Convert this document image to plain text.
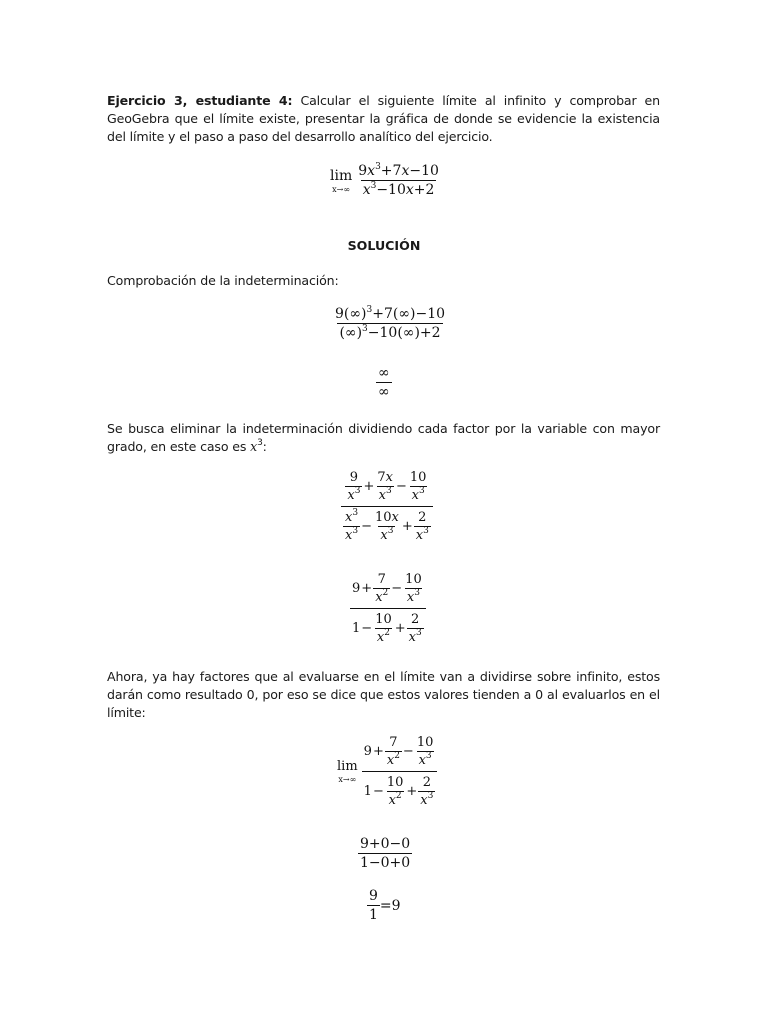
Ejercicio 3, estudiante 4: Calcular el siguiente límite al infinito y comprobar en GeoGebra que el límite existe, presentar la gráfica de donde se evidencie la existencia del límite y el paso a paso del desarrollo analítico del ejercicio.
lim
$x\to\infty \frac{9x^3+7x-10}{x^3-10x+2}$
SOLUCIÓN
Comprobación de la indeterminación:
$\frac{9(\infty)^3+7(\infty)-10}{(\infty)^3-10(\infty)+2}$
$\frac{\infty}{\infty}$
Se busca eliminar la indeterminación dividiendo cada factor por la variable con mayor grado, en este caso es $x^3$:
$\frac{\frac{9}{x^3} + \frac{7x}{x^3} - \frac{10}{x^3}}{\frac{x^3}{x^3} - \frac{10x}{x^3} + \frac{2}{x^3}}$
$\frac{9 + \frac{7}{x^2} - \frac{10}{x^3}}{1 - \frac{10}{x^2} + \frac{2}{x^3}}$
Ahora, ya hay factores que al evaluarse en el límite van a dividirse sobre infinito, estos darán como resultado 0, por eso se dice que estos valores tienden a 0 al evaluarlos en el límite:
lim
$x\to\infty \frac{9 + \frac{7}{x^2} - \frac{10}{x^3}}{1 - \frac{10}{x^2} + \frac{2}{x^3}}$
$\frac{9+0-0}{1-0+0}$
$\frac{9}{1} =9$
